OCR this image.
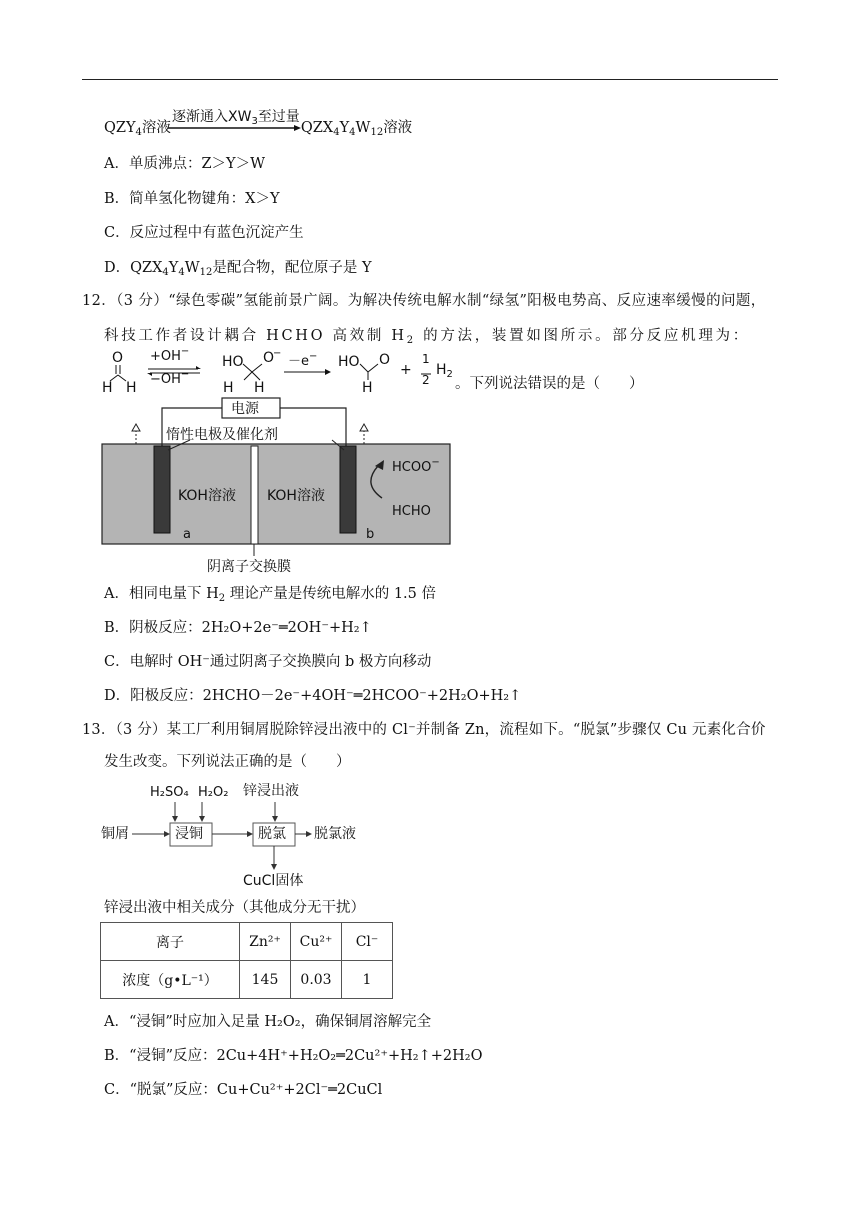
$QZY_4$溶液	$QZX_4Y_4W_{12}$溶液
逐渐通入$XW_3$至过量
A．单质沸点：Z＞Y＞W
B．简单氢化物键角：X＞Y
C．反应过程中有蓝色沉淀产生
D．$QZX_4Y_4W_{12}$是配合物，配位原子是 Y
12．（3 分）“绿色零碳”氢能前景广阔。为解决传统电解水制“绿氢”阳极电势高、反应速率缓慢的问题，
科技工作者设计耦合 HCHO 高效制 $H_2$ 的方法，装置如图所示。部分反应机理为：
O
H H
HO O
−
H H
HO O
H
+OH−
−OH−
－e−
+
1
2
$H_2$
。下列说法错误的是（　　）
电源
惰性电极及催化剂
KOH溶液 KOH溶液
a	b
HCOO−
HCHO
阴离子交换膜
A．相同电量下 $H_2$ 理论产量是传统电解水的 1.5 倍
B．阴极反应：2H₂O+2e⁻═2OH⁻+H₂↑
C．电解时 OH⁻通过阴离子交换膜向 b 极方向移动
D．阳极反应：2HCHO－2e⁻+4OH⁻═2HCOO⁻+2H₂O+H₂↑
13．（3 分）某工厂利用铜屑脱除锌浸出液中的 Cl⁻并制备 Zn，流程如下。“脱氯”步骤仅 Cu 元素化合价
发生改变。下列说法正确的是（　　）
H₂SO₄ H₂O₂ 锌浸出液
铜屑	浸铜	脱氯 脱氯液
CuCl固体
锌浸出液中相关成分（其他成分无干扰）
离子	Zn²⁺	Cu²⁺	Cl⁻
浓度（g•L⁻¹）	145	0.03	1
A．“浸铜”时应加入足量 H₂O₂，确保铜屑溶解完全
B．“浸铜”反应：2Cu+4H⁺+H₂O₂═2Cu²⁺+H₂↑+2H₂O
C．“脱氯”反应：Cu+Cu²⁺+2Cl⁻═2CuCl
